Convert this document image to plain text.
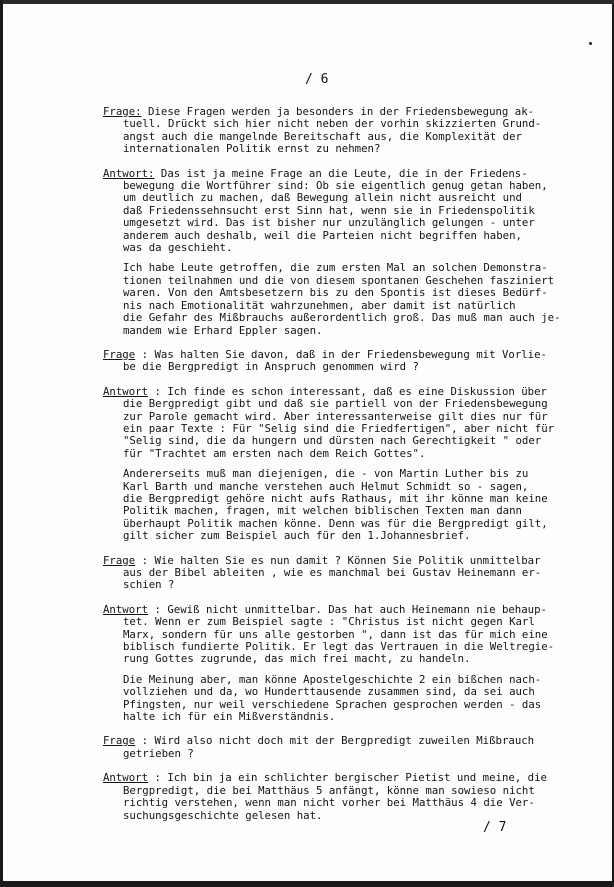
/ 6
Frage: Diese Fragen werden ja besonders in der Friedensbewegung ak-
tuell. Drückt sich hier nicht neben der vorhin skizzierten Grund-
angst auch die mangelnde Bereitschaft aus, die Komplexität der
internationalen Politik ernst zu nehmen?
Antwort: Das ist ja meine Frage an die Leute, die in der Friedens-
bewegung die Wortführer sind: Ob sie eigentlich genug getan haben,
um deutlich zu machen, daß Bewegung allein nicht ausreicht und
daß Friedenssehnsucht erst Sinn hat, wenn sie in Friedenspolitik
umgesetzt wird. Das ist bisher nur unzulänglich gelungen - unter
anderem auch deshalb, weil die Parteien nicht begriffen haben,
was da geschieht.
Ich habe Leute getroffen, die zum ersten Mal an solchen Demonstra-
tionen teilnahmen und die von diesem spontanen Geschehen fasziniert
waren. Von den Amtsbesetzern bis zu den Spontis ist dieses Bedürf-
nis nach Emotionalität wahrzunehmen, aber damit ist natürlich
die Gefahr des Mißbrauchs außerordentlich groß. Das muß man auch je-
mandem wie Erhard Eppler sagen.
Frage : Was halten Sie davon, daß in der Friedensbewegung mit Vorlie-
be die Bergpredigt in Anspruch genommen wird ?
Antwort : Ich finde es schon interessant, daß es eine Diskussion über
die Bergpredigt gibt und daß sie partiell von der Friedensbewegung
zur Parole gemacht wird. Aber interessanterweise gilt dies nur für
ein paar Texte : Für "Selig sind die Friedfertigen", aber nicht für
"Selig sind, die da hungern und dürsten nach Gerechtigkeit " oder
für "Trachtet am ersten nach dem Reich Gottes".
Andererseits muß man diejenigen, die - von Martin Luther bis zu
Karl Barth und manche verstehen auch Helmut Schmidt so - sagen,
die Bergpredigt gehöre nicht aufs Rathaus, mit ihr könne man keine
Politik machen, fragen, mit welchen biblischen Texten man dann
überhaupt Politik machen könne. Denn was für die Bergpredigt gilt,
gilt sicher zum Beispiel auch für den 1.Johannesbrief.
Frage : Wie halten Sie es nun damit ? Können Sie Politik unmittelbar
aus der Bibel ableiten , wie es manchmal bei Gustav Heinemann er-
schien ?
Antwort : Gewiß nicht unmittelbar. Das hat auch Heinemann nie behaup-
tet. Wenn er zum Beispiel sagte : "Christus ist nicht gegen Karl
Marx, sondern für uns alle gestorben ", dann ist das für mich eine
biblisch fundierte Politik. Er legt das Vertrauen in die Weltregie-
rung Gottes zugrunde, das mich frei macht, zu handeln.
Die Meinung aber, man könne Apostelgeschichte 2 ein bißchen nach-
vollziehen und da, wo Hunderttausende zusammen sind, da sei auch
Pfingsten, nur weil verschiedene Sprachen gesprochen werden - das
halte ich für ein Mißverständnis.
Frage : Wird also nicht doch mit der Bergpredigt zuweilen Mißbrauch
getrieben ?
Antwort : Ich bin ja ein schlichter bergischer Pietist und meine, die
Bergpredigt, die bei Matthäus 5 anfängt, könne man sowieso nicht
richtig verstehen, wenn man nicht vorher bei Matthäus 4 die Ver-
suchungsgeschichte gelesen hat.
/ 7
